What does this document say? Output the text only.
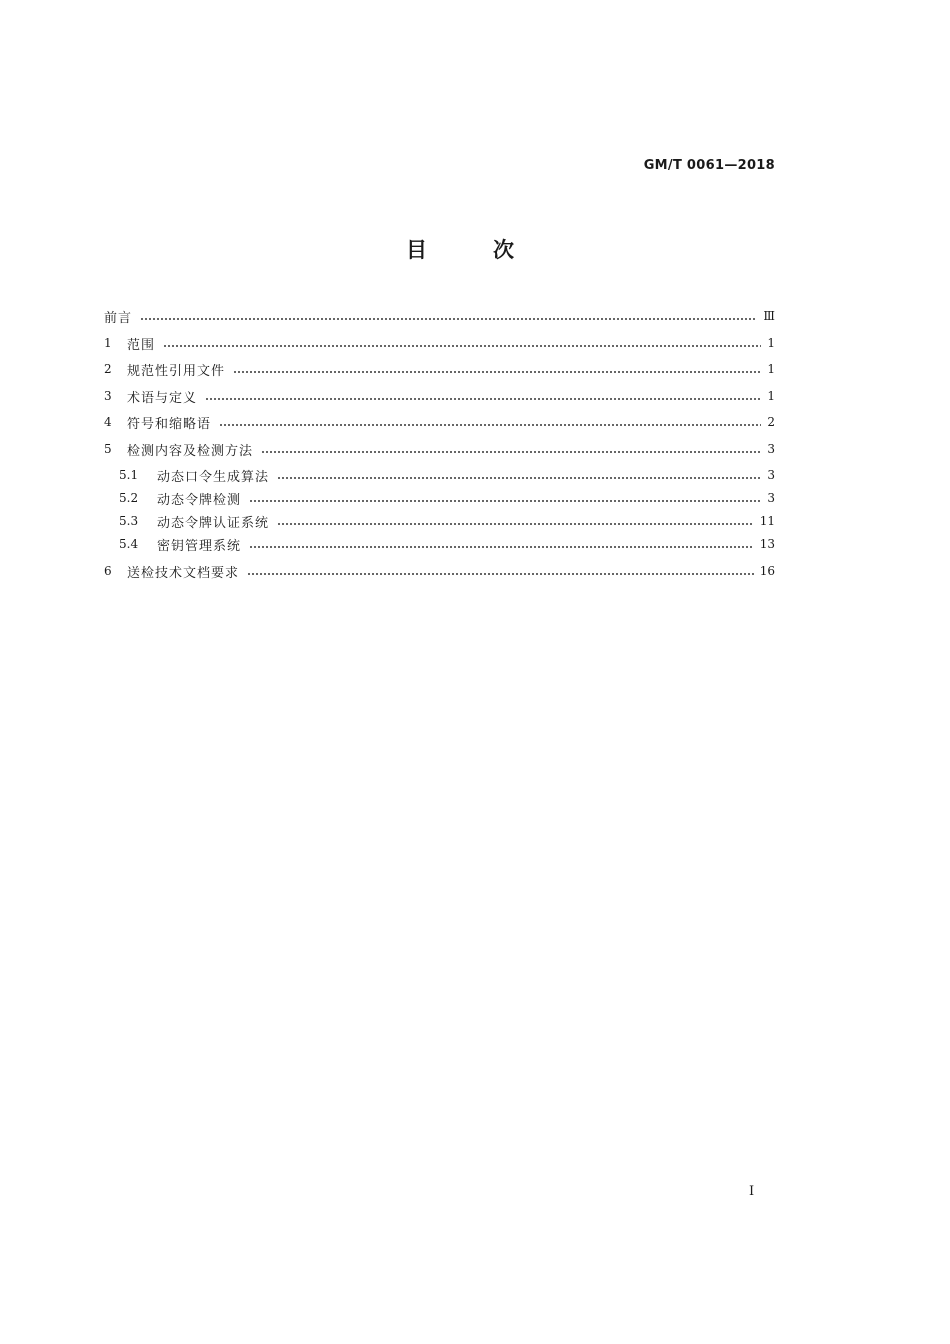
GM/T 0061—2018
目 次
前言	Ⅲ
1	范围	1
2	规范性引用文件	1
3	术语与定义	1
4	符号和缩略语	2
5	检测内容及检测方法	3
5.1	动态口令生成算法	3
5.2	动态令牌检测	3
5.3	动态令牌认证系统	11
5.4	密钥管理系统	13
6	送检技术文档要求	16
I
